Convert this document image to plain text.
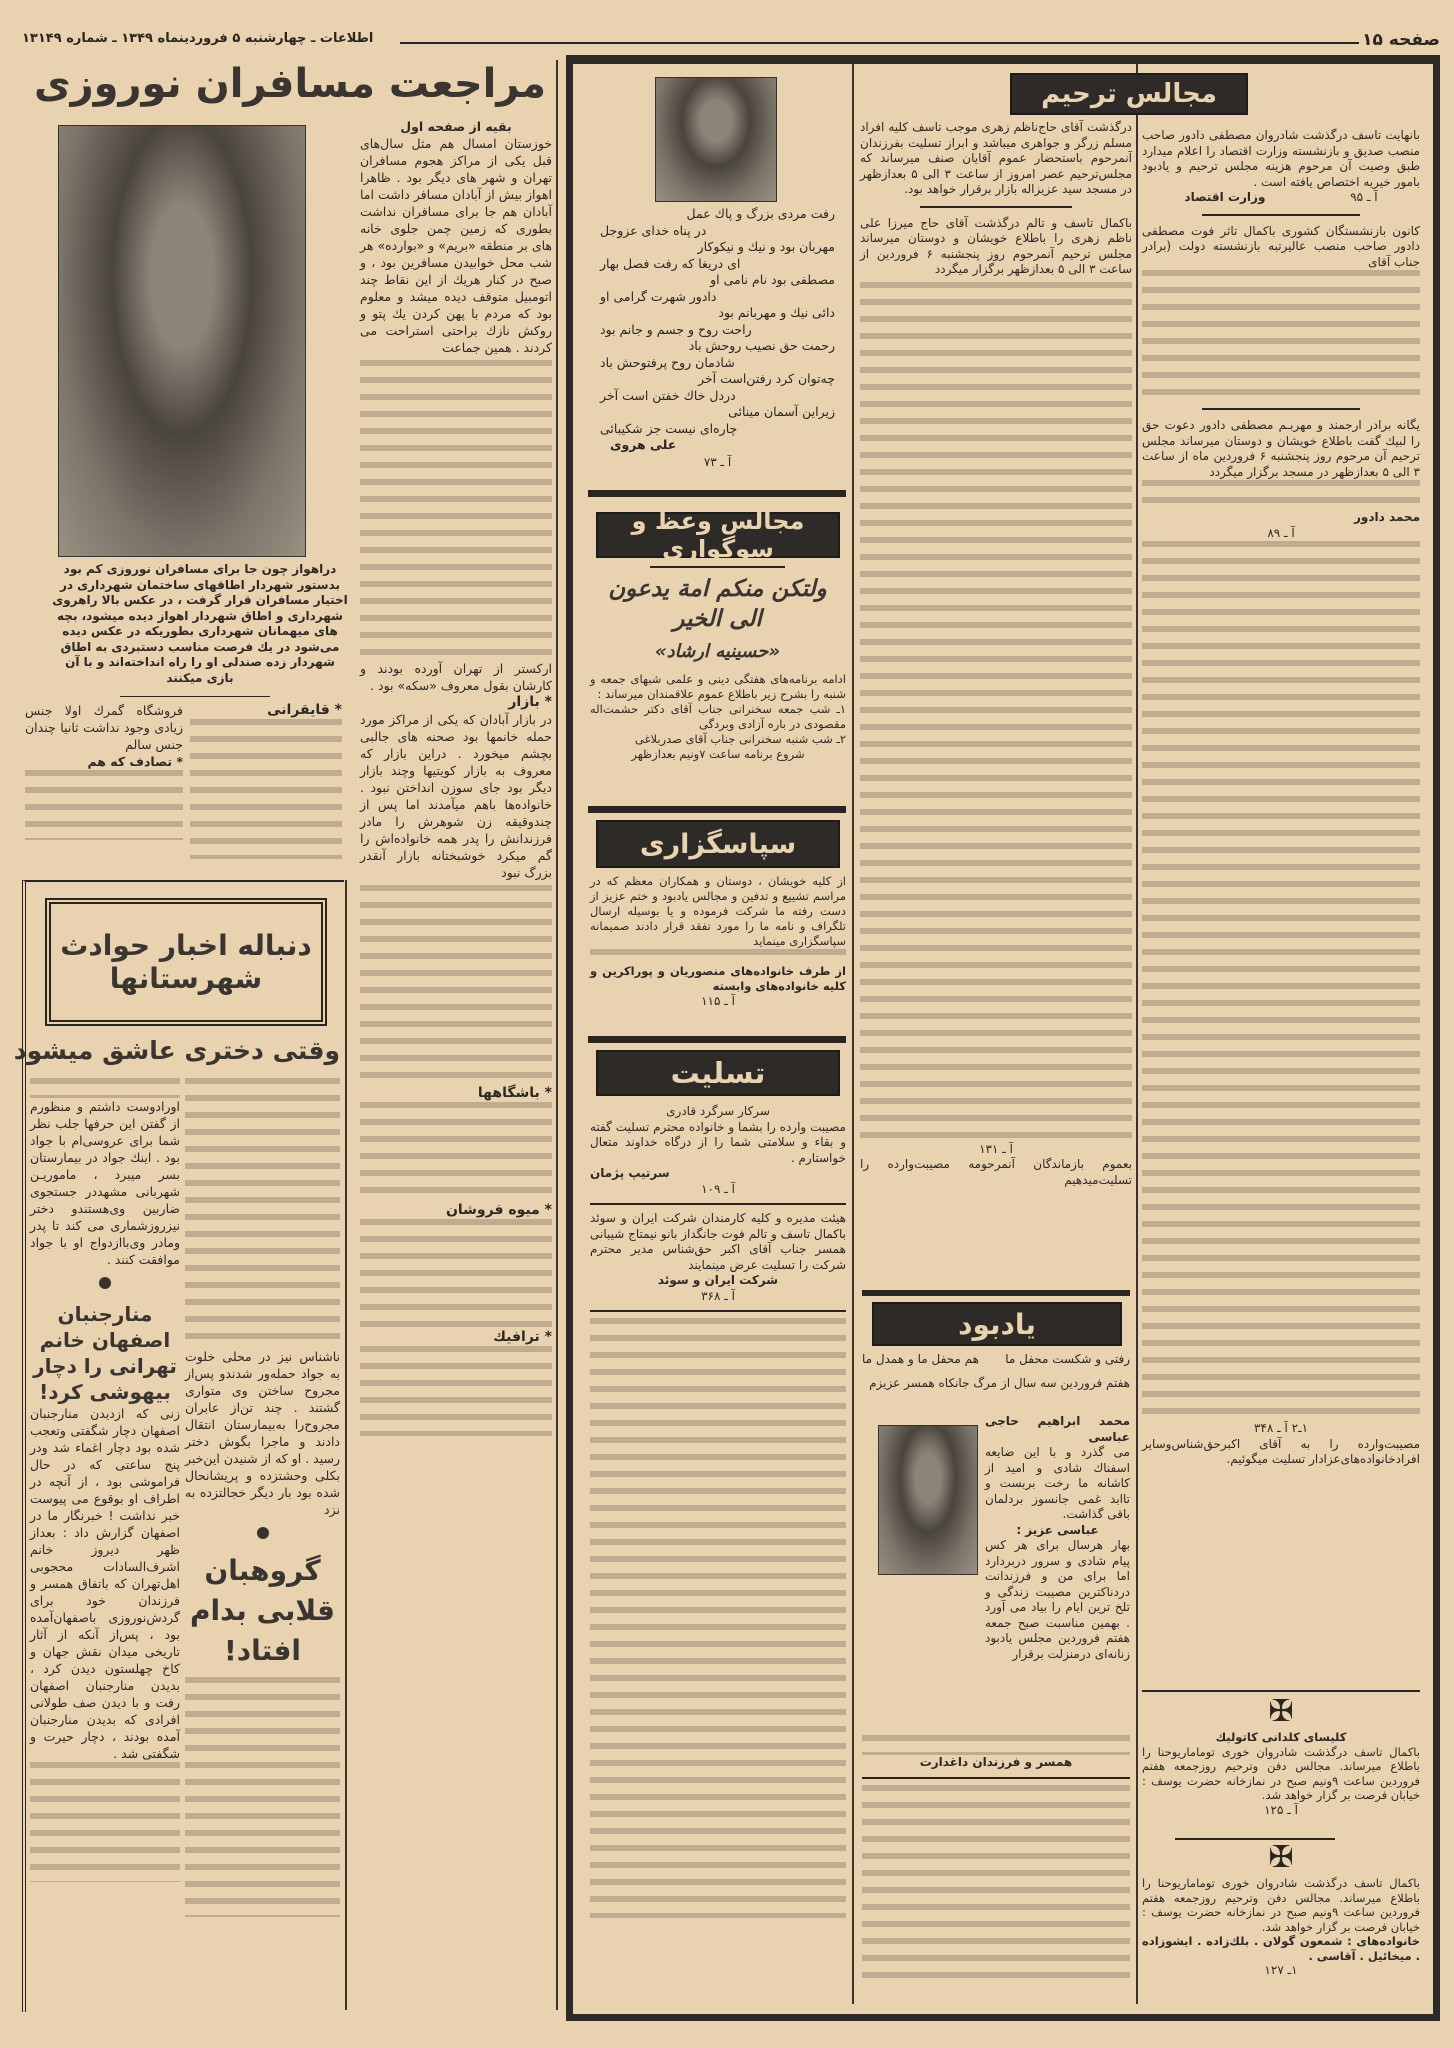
صفحه ۱۵
اطلاعات ـ چهارشنبه ۵ فروردینماه ۱۳۴۹ ـ شماره ۱۳۱۴۹
مراجعت مسافران نوروزی
بقیه از صفحه اول
خوزستان امسال هم مثل سال‌های قبل یکی از مراکز هجوم مسافران تهران و شهر های دیگر بود . ظاهرا اهواز بیش از آبادان مسافر داشت اما آبادان هم جا برای مسافران نداشت بطوری که زمین چمن جلوی خانه های بر منطقه «بریم» و «بوارده» هر شب محل خوابیدن مسافرین بود ، و صبح در کنار هریك از این نقاط چند اتومبیل متوقف دیده میشد و معلوم بود که مردم با پهن کردن یك پتو و روکش نازك براحتی استراحت می کردند . همین جماعت
ارکستر از تهران آورده بودند و کارشان بقول معروف «سکه» بود .
* بازار
در بازار آبادان که یکی از مراکز مورد حمله خانمها بود صحنه های جالبی بچشم میخورد . دراین بازار که معروف به بازار کویتیها وچند بازار دیگر بود جای سوزن انداختن نبود . خانواده‌ها باهم میآمدند اما پس از چندوقیقه زن شوهرش را مادر فرزندانش را پدر همه خانواده‌اش را گم میکرد خوشبختانه بازار آنقدر بزرگ نبود
* باشگاهها
* میوه فروشان
* ترافیك
دراهواز چون جا برای مسافران نوروزی کم بود بدستور شهردار اطاقهای ساختمان شهرداری در اختیار مسافران قرار گرفت ، در عکس بالا راهروی شهرداری و اطاق شهردار اهواز دیده میشود، بچه های میهمانان شهرداری بطوریکه در عکس دیده می‌شود در یك فرصت مناسب دستبردی به اطاق شهردار زده صندلی او را راه انداخته‌اند و با آن بازی میکنند
* قایقرانی
فروشگاه گمرك اولا جنس زیادی وجود نداشت ثانیا چندان جنس سالم
* تصادف که هم
دنباله اخبار حوادث
شهرستانها
وقتی دختری عاشق میشود
ناشناس نیز در محلی خلوت به جواد حمله‌ور شدندو پس‌از مجروح ساختن وی متواری گشتند . چند تن‌از عابران مجروح‌را به‌بیمارستان انتقال دادند و ماجرا بگوش دختر رسید . او که از شنیدن این‌خبر بکلی وحشتزده و پریشانحال شده بود بار دیگر خجالتزده به نزد
گروهبان قلابی بدام افتاد!
اورادوست داشتم و منظورم از گفتن این حرفها جلب نظر شما برای عروسی‌ام با جواد بود . اینك جواد در بیمارستان بسر میبرد ، ماموریـن شهربانی مشهددر جستجوی ضاربین وی‌هستندو دختر نیزروزشماری می کند تا پدر ومادر وی‌باازدواج او با جواد موافقت کنند .
منارجنبان اصفهان خانم تهرانی را دچار بیهوشی کرد!
زنی که ازدیدن منارجنبان اصفهان دچار شگفتی وتعجب شده بود دچار اغماء شد ودر پنج ساعتی که در حال فراموشی بود ، از آنچه در اطراف او بوقوع می پیوست خبر نداشت ! خبرنگار ما در اصفهان گزارش داد : بعداز ظهر دیروز خانم اشرف‌السادات محجوبی اهل‌تهران که باتفاق همسر و فرزندان خود برای گردش‌نوروزی باصفهان‌آمده بود ، پس‌از آنکه از آثار تاریخی میدان نقش جهان و کاخ چهلستون دیدن کرد ، بدیدن منارجنبان اصفهان رفت و با دیدن صف طولانی افرادی که بدیدن منارجنبان آمده بودند ، دچار حیرت و شگفتی شد .
رفت مردی بزرگ و پاك عمل
در پناه خدای عزوجل
مهربان بود و نیك و نیكوكار
ای دریغا که رفت فصل بهار
مصطفی بود نام نامی او
دادور شهرت گرامی او
دائی نیك و مهربانم بود
راحت روح و جسم و جانم بود
رحمت حق نصیب روحش باد
شادمان روح پرفتوحش باد
چه‌توان کرد رفتن‌است آخر
دردل خاك خفتن است آخر
زیراین آسمان مینائی
چاره‌ای نیست جز شكیبائی
علی هروی
آ ـ ۷۳
مجالس وعظ و سوگواری
ولتکن منکم امة یدعون الی الخیر
«حسینیه ارشاد»
ادامه برنامه‌های هفتگی دینی و علمی شبهای جمعه و شنبه را بشرح زیر باطلاع عموم علاقمندان میرساند :
۱ـ شب جمعه سخنرانی جناب آقای دکتر حشمت‌اله مقصودی در باره آزادی وبردگی
۲ـ شب شنبه سخنرانی جناب آقای صدربلاغی
شروع برنامه ساعت ۷ونیم بعدازظهر
سپاسگزاری
از کلیه خویشان ، دوستان و همکاران معظم که در مراسم تشییع و تدفین و مجالس یادبود و ختم عزیز از دست رفته ما شرکت فرموده و یا بوسیله ارسال تلگراف و نامه ما را مورد تفقد قرار دادند صمیمانه سپاسگزاری مینماید
از طرف خانواده‌های منصوریان و پوراکرین و کلیه خانواده‌های وابسته
آ ـ ۱۱۵
تسلیت
سرکار سرگرد قادری
مصیبت وارده را بشما و خانواده محترم تسلیت گفته و بقاء و سلامتی شما را از درگاه خداوند متعال خواستارم .
سرتیپ پژمان
آ ـ ۱۰۹
هیئت مدیره و کلیه کارمندان شرکت ایران و سوئد باکمال تاسف و تالم فوت جانگداز بانو نیمتاج شیبانی همسر جناب آقای اکبر حق‌شناس مدیر محترم شرکت را تسلیت عرض مینمایند
شرکت ایران و سوئد
آ ـ ۳۶۸
درگذشت آقای حاج‌ناظم زهری موجب تاسف کلیه افراد مسلم زرگر و جواهری میباشد و ابراز تسلیت بفرزندان آنمرحوم باستحضار عموم آقایان صنف میرساند که مجلس‌ترحیم عصر امروز از ساعت ۳ الی ۵ بعدازظهر در مسجد سید عزیزاله بازار برقرار خواهد بود.
باکمال تاسف و تالم درگذشت آقای حاج میرزا علی ناظم زهری را باطلاع خویشان و دوستان میرساند مجلس ترحیم آنمرحوم روز پنجشنبه ۶ فروردین از ساعت ۳ الی ۵ بعدازظهر برگزار میگردد
آ ـ ۱۳۱
بعموم بازماندگان آنمرحومه مصیبت‌وارده را تسلیت‌میدهیم
یادبود
رفتی و شکست محفل ما
هم محفل ما و همدل ما
هفتم فروردین سه سال از مرگ جانکاه همسر عزیزم
محمد ابراهیم حاجی عباسی
می گذرد و با این ضایعه اسفناك شادی و امید از کاشانه ما رخت بربست و تاابد غمی جانسوز بردلمان باقی گذاشت.
عباسی عزیز :
بهار هرسال برای هر کس پیام شادی و سرور دربردارد اما برای من و فرزندانت دردناکترین مصیبت زندگی و تلخ ترین ایام را بیاد می آورد . بهمین مناسبت صبح جمعه هفتم فروردین مجلس یادبود زنانه‌ای درمنزلت برقرار
همسر و فرزندان داغدارت
مجالس ترحیم
بانهایت تاسف درگذشت شادروان مصطفی دادور صاحب منصب صدیق و بازنشسته وزارت اقتصاد را اعلام میدارد طبق وصیت آن مرحوم هزینه مجلس ترحیم و یادبود بامور خیریه اختصاص یافته است .
آ ـ ۹۵
وزارت اقتصاد
کانون بازنشستگان کشوری باکمال تاثر فوت مصطفی دادور صاحب منصب عالیرتبه بازنشسته دولت (برادر جناب آقای
یگانه برادر ارجمند و مهربـم مصطفی دادور دعوت حق را لبیك گفت باطلاع خویشان و دوستان میرساند مجلس ترحیم آن مرحوم روز پنجشنبه ۶ فروردین ماه از ساعت ۳ الی ۵ بعدازظهر در مسجد برگزار میگردد
محمد دادور
آ ـ ۸۹
۱ـ۲ آ ـ ۳۴۸
مصیبت‌وارده را به آقای اکبرحق‌شناس‌وسایر افرادخانواده‌های‌عزادار تسلیت میگوئیم.
✠
کلیسای کلدانی کاتولیك
باکمال تاسف درگذشت شادروان خوری توماماریوحنا را باطلاع میرساند. مجالس دفن وترحیم روزجمعه هفتم فروردین ساعت ۹ونیم صبح در نمازخانه حضرت یوسف : خیابان فرصت بر گزار خواهد شد.
آ ـ ۱۲۵
✠
باکمال تاسف درگذشت شادروان خوری توماماریوحنا را باطلاع میرساند. مجالس دفن وترحیم روزجمعه هفتم فروردین ساعت ۹ونیم صبح در نمازخانه حضرت یوسف : خیابان فرصت بر گزار خواهد شد.
خانواده‌های : شمعون گولان . بلك‌زاده . ایشوزاده . میخائیل . آقاسی .
۱ـ ۱۲۷
